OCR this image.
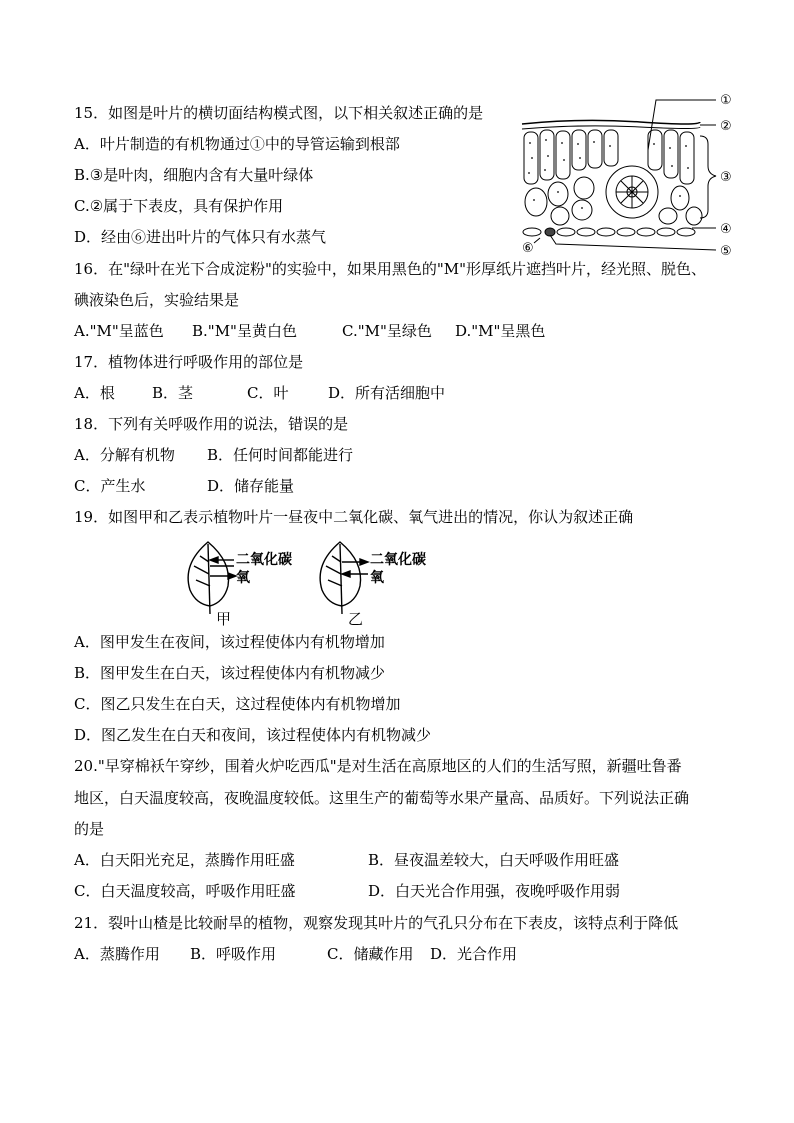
15．如图是叶片的横切面结构模式图，以下相关叙述正确的是
A．叶片制造的有机物通过①中的导管运输到根部
B.③是叶肉，细胞内含有大量叶绿体
C.②属于下表皮，具有保护作用
D．经由⑥进出叶片的气体只有水蒸气
①
②
③
④
⑤
⑥
16．在"绿叶在光下合成淀粉"的实验中，如果用黑色的"M"形厚纸片遮挡叶片，经光照、脱色、
碘液染色后，实验结果是
A."M"呈蓝色 B."M"呈黄白色	C."M"呈绿色 D."M"呈黑色
17．植物体进行呼吸作用的部位是
A．根 B．茎	C．叶	D．所有活细胞中
18．下列有关呼吸作用的说法，错误的是
A．分解有机物 B．任何时间都能进行
C．产生水	D．储存能量
19．如图甲和乙表示植物叶片一昼夜中二氧化碳、氧气进出的情况，你认为叙述正确
二氧化碳
氧
甲
二氧化碳
氧
乙
A．图甲发生在夜间，该过程使体内有机物增加
B．图甲发生在白天，该过程使体内有机物减少
C．图乙只发生在白天，这过程使体内有机物增加
D．图乙发生在白天和夜间，该过程使体内有机物减少
20."早穿棉袄午穿纱，围着火炉吃西瓜"是对生活在高原地区的人们的生活写照，新疆吐鲁番
地区，白天温度较高，夜晚温度较低。这里生产的葡萄等水果产量高、品质好。下列说法正确
的是
A．白天阳光充足，蒸腾作用旺盛	B．昼夜温差较大，白天呼吸作用旺盛
C．白天温度较高，呼吸作用旺盛	D．白天光合作用强，夜晚呼吸作用弱
21．裂叶山楂是比较耐旱的植物，观察发现其叶片的气孔只分布在下表皮，该特点利于降低
A．蒸腾作用 B．呼吸作用	C．储藏作用 D．光合作用
